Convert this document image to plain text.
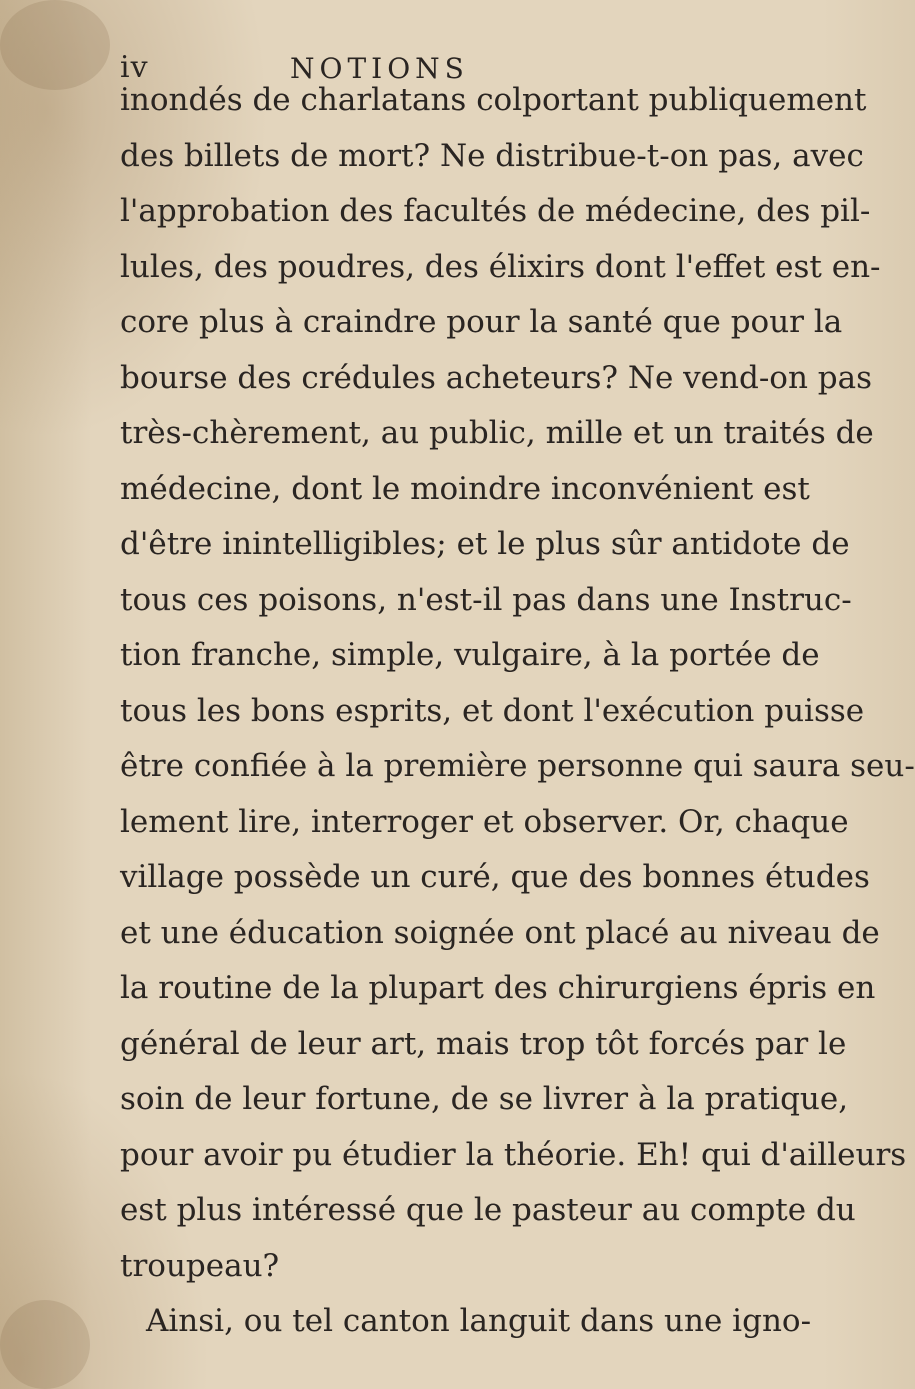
iv	NOTIONS
inondés de charlatans colportant publiquement
des billets de mort? Ne distribue-t-on pas, avec
l'approbation des facultés de médecine, des pil-
lules, des poudres, des élixirs dont l'effet est en-
core plus à craindre pour la santé que pour la
bourse des crédules acheteurs? Ne vend-on pas
très-chèrement, au public, mille et un traités de
médecine, dont le moindre inconvénient est
d'être inintelligibles; et le plus sûr antidote de
tous ces poisons, n'est-il pas dans une Instruc-
tion franche, simple, vulgaire, à la portée de
tous les bons esprits, et dont l'exécution puisse
être confiée à la première personne qui saura seu-
lement lire, interroger et observer. Or, chaque
village possède un curé, que des bonnes études
et une éducation soignée ont placé au niveau de
la routine de la plupart des chirurgiens épris en
général de leur art, mais trop tôt forcés par le
soin de leur fortune, de se livrer à la pratique,
pour avoir pu étudier la théorie. Eh! qui d'ailleurs
est plus intéressé que le pasteur au compte du
troupeau?
Ainsi, ou tel canton languit dans une igno-
